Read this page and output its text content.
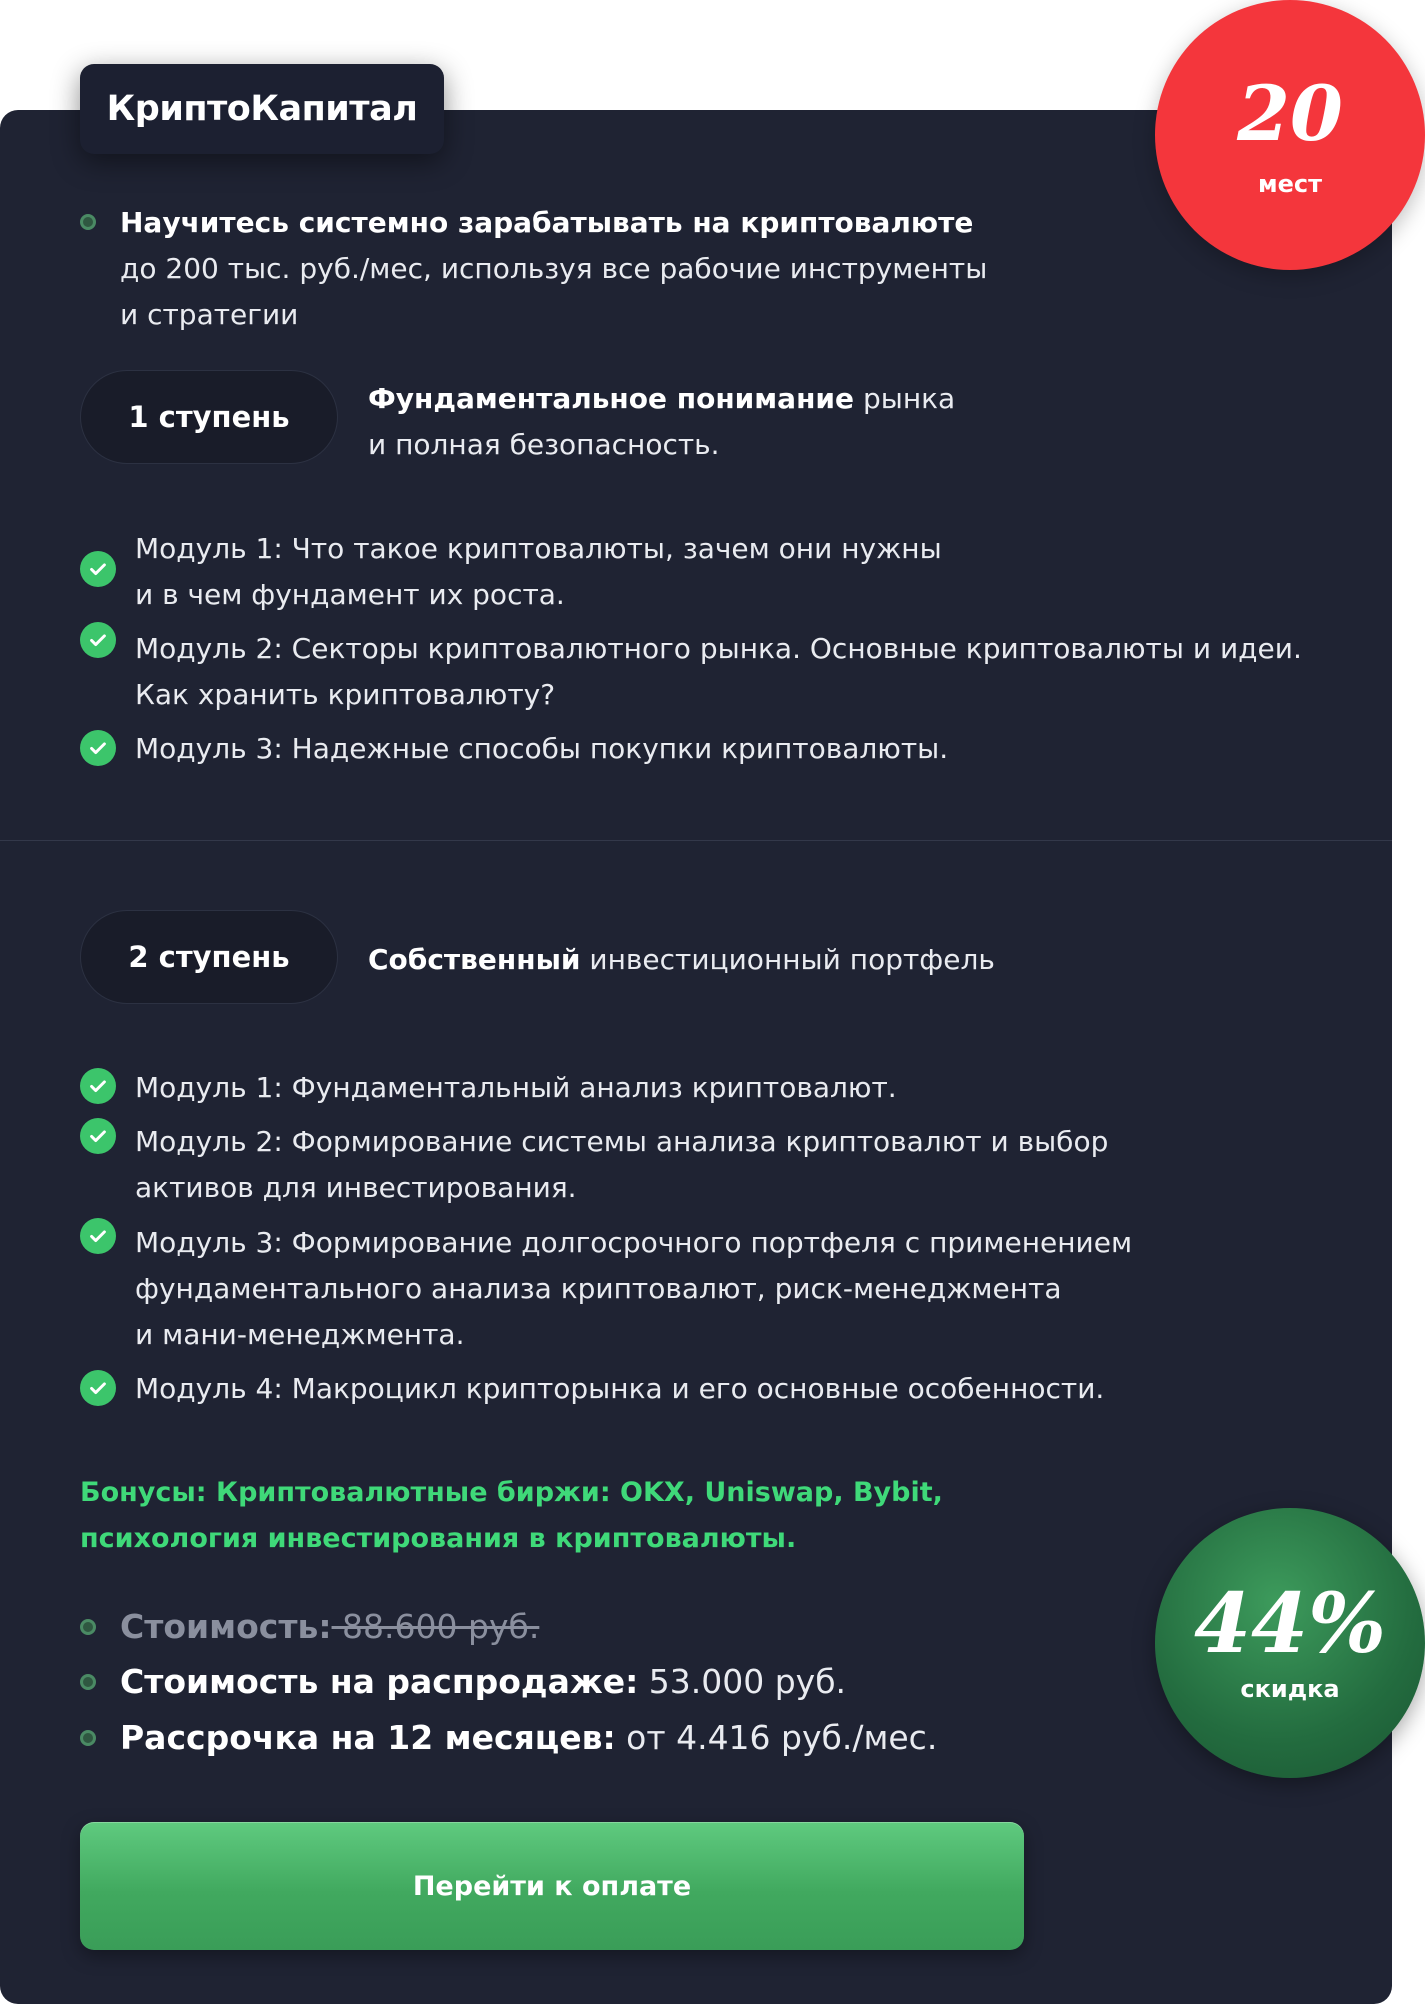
КриптоКапитал	20
мест
Научитесь системно зарабатывать на криптовалюте
до 200 тыс. руб./мес, используя все рабочие инструменты
и стратегии
1 ступень
Фундаментальное понимание рынка
и полная безопасность.
Модуль 1: Что такое криптовалюты, зачем они нужны
и в чем фундамент их роста.
Модуль 2: Секторы криптовалютного рынка. Основные криптовалюты и идеи.
Как хранить криптовалюту?
Модуль 3: Надежные способы покупки криптовалюты.
2 ступень	Собственный инвестиционный портфель
Модуль 1: Фундаментальный анализ криптовалют.
Модуль 2: Формирование системы анализа криптовалют и выбор
активов для инвестирования.
Модуль 3: Формирование долгосрочного портфеля с применением
фундаментального анализа криптовалют, риск-менеджмента
и мани-менеджмента.
Модуль 4: Макроцикл крипторынка и его основные особенности.
Бонусы: Криптовалютные биржи: OKX, Uniswap, Bybit,
психология инвестирования в криптовалюты.
Стоимость: 88.600 руб.
Стоимость на распродаже: 53.000 руб.
Рассрочка на 12 месяцев: от 4.416 руб./мес.
44%
скидка
Перейти к оплате
